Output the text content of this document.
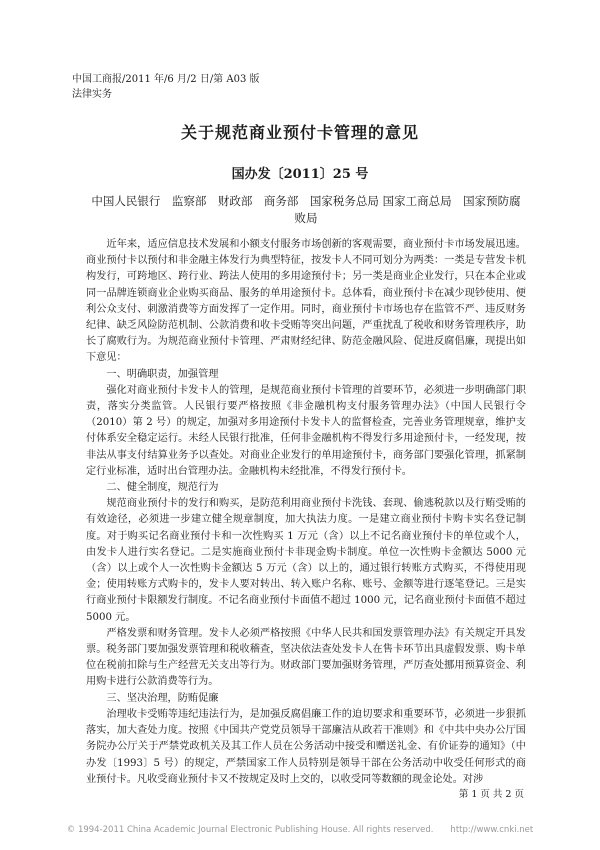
中国工商报/2011 年/6 月/2 日/第 A03 版
法律实务
关于规范商业预付卡管理的意见
国办发〔2011〕25 号
中国人民银行　监察部　财政部　商务部　国家税务总局 国家工商总局　国家预防腐败局

近年来，适应信息技术发展和小额支付服务市场创新的客观需要，商业预付卡市场发展迅速。商业预付卡以预付和非金融主体发行为典型特征，按发卡人不同可划分为两类：一类是专营发卡机构发行，可跨地区、跨行业、跨法人使用的多用途预付卡；另一类是商业企业发行，只在本企业或同一品牌连锁商业企业购买商品、服务的单用途预付卡。总体看，商业预付卡在减少现钞使用、便利公众支付、刺激消费等方面发挥了一定作用。同时，商业预付卡市场也存在监管不严、违反财务纪律、缺乏风险防范机制、公款消费和收卡受贿等突出问题，严重扰乱了税收和财务管理秩序，助长了腐败行为。为规范商业预付卡管理、严肃财经纪律、防范金融风险、促进反腐倡廉，现提出如下意见：

一、明确职责，加强管理

强化对商业预付卡发卡人的管理，是规范商业预付卡管理的首要环节，必须进一步明确部门职责，落实分类监管。人民银行要严格按照《非金融机构支付服务管理办法》（中国人民银行令（2010）第 2 号）的规定，加强对多用途预付卡发卡人的监督检查，完善业务管理规章，维护支付体系安全稳定运行。未经人民银行批准，任何非金融机构不得发行多用途预付卡，一经发现，按非法从事支付结算业务予以查处。对商业企业发行的单用途预付卡，商务部门要强化管理，抓紧制定行业标准，适时出台管理办法。金融机构未经批准，不得发行预付卡。

二、健全制度，规范行为

规范商业预付卡的发行和购买，是防范利用商业预付卡洗钱、套现、偷逃税款以及行贿受贿的有效途径，必须进一步建立健全规章制度，加大执法力度。一是建立商业预付卡购卡实名登记制度。对于购买记名商业预付卡和一次性购买 1 万元（含）以上不记名商业预付卡的单位或个人，由发卡人进行实名登记。二是实施商业预付卡非现金购卡制度。单位一次性购卡金额达 5000 元（含）以上或个人一次性购卡金额达 5 万元（含）以上的，通过银行转账方式购买，不得使用现金；使用转账方式购卡的，发卡人要对转出、转入账户名称、账号、金额等进行逐笔登记。三是实行商业预付卡限额发行制度。不记名商业预付卡面值不超过 1000 元，记名商业预付卡面值不超过 5000 元。

严格发票和财务管理。发卡人必须严格按照《中华人民共和国发票管理办法》有关规定开具发票。税务部门要加强发票管理和税收稽查，坚决依法查处发卡人在售卡环节出具虚假发票、购卡单位在税前扣除与生产经营无关支出等行为。财政部门要加强财务管理，严厉查处挪用预算资金、利用购卡进行公款消费等行为。

三、坚决治理，防贿促廉

治理收卡受贿等违纪违法行为，是加强反腐倡廉工作的迫切要求和重要环节，必须进一步狠抓落实，加大查处力度。按照《中国共产党党员领导干部廉洁从政若干准则》和《中共中央办公厅国务院办公厅关于严禁党政机关及其工作人员在公务活动中接受和赠送礼金、有价证券的通知》（中办发〔1993〕5 号）的规定，严禁国家工作人员特别是领导干部在公务活动中收受任何形式的商业预付卡。凡收受商业预付卡又不按规定及时上交的，以收受同等数额的现金论处。对涉

第 1 页 共 2 页
© 1994-2011 China Academic Journal Electronic Publishing House. All rights reserved.　　http://www.cnki.net
